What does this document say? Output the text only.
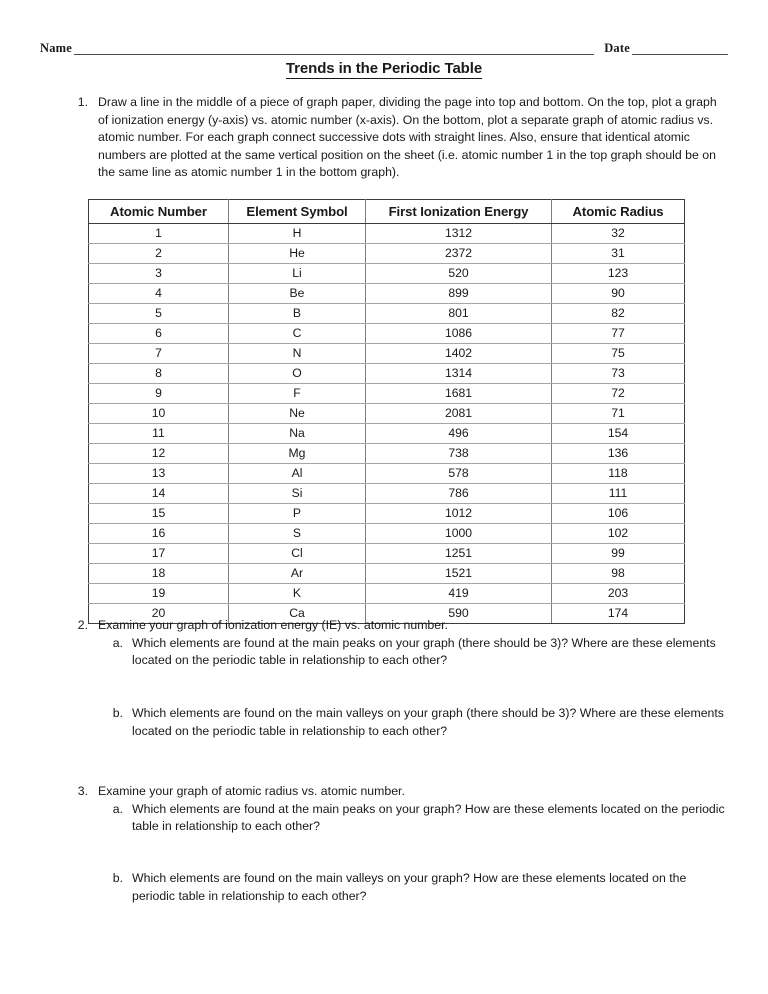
Name	Date
Trends in the Periodic Table
1. Draw a line in the middle of a piece of graph paper, dividing the page into top and bottom. On the top, plot a graph of ionization energy (y-axis) vs. atomic number (x-axis). On the bottom, plot a separate graph of atomic radius vs. atomic number. For each graph connect successive dots with straight lines. Also, ensure that identical atomic numbers are plotted at the same vertical position on the sheet (i.e. atomic number 1 in the top graph should be on the same line as atomic number 1 in the bottom graph).
Atomic Number	Element Symbol	First Ionization Energy	Atomic Radius
1	H	1312	32
2	He	2372	31
3	Li	520	123
4	Be	899	90
5	B	801	82
6	C	1086	77
7	N	1402	75
8	O	1314	73
9	F	1681	72
10	Ne	2081	71
11	Na	496	154
12	Mg	738	136
13	Al	578	118
14	Si	786	111
15	P	1012	106
16	S	1000	102
17	Cl	1251	99
18	Ar	1521	98
19	K	419	203
20	Ca	590	174
2. Examine your graph of ionization energy (IE) vs. atomic number.
a. Which elements are found at the main peaks on your graph (there should be 3)? Where are these elements located on the periodic table in relationship to each other?
b. Which elements are found on the main valleys on your graph (there should be 3)? Where are these elements located on the periodic table in relationship to each other?
3. Examine your graph of atomic radius vs. atomic number.
a. Which elements are found at the main peaks on your graph? How are these elements located on the periodic table in relationship to each other?
b. Which elements are found on the main valleys on your graph? How are these elements located on the periodic table in relationship to each other?
